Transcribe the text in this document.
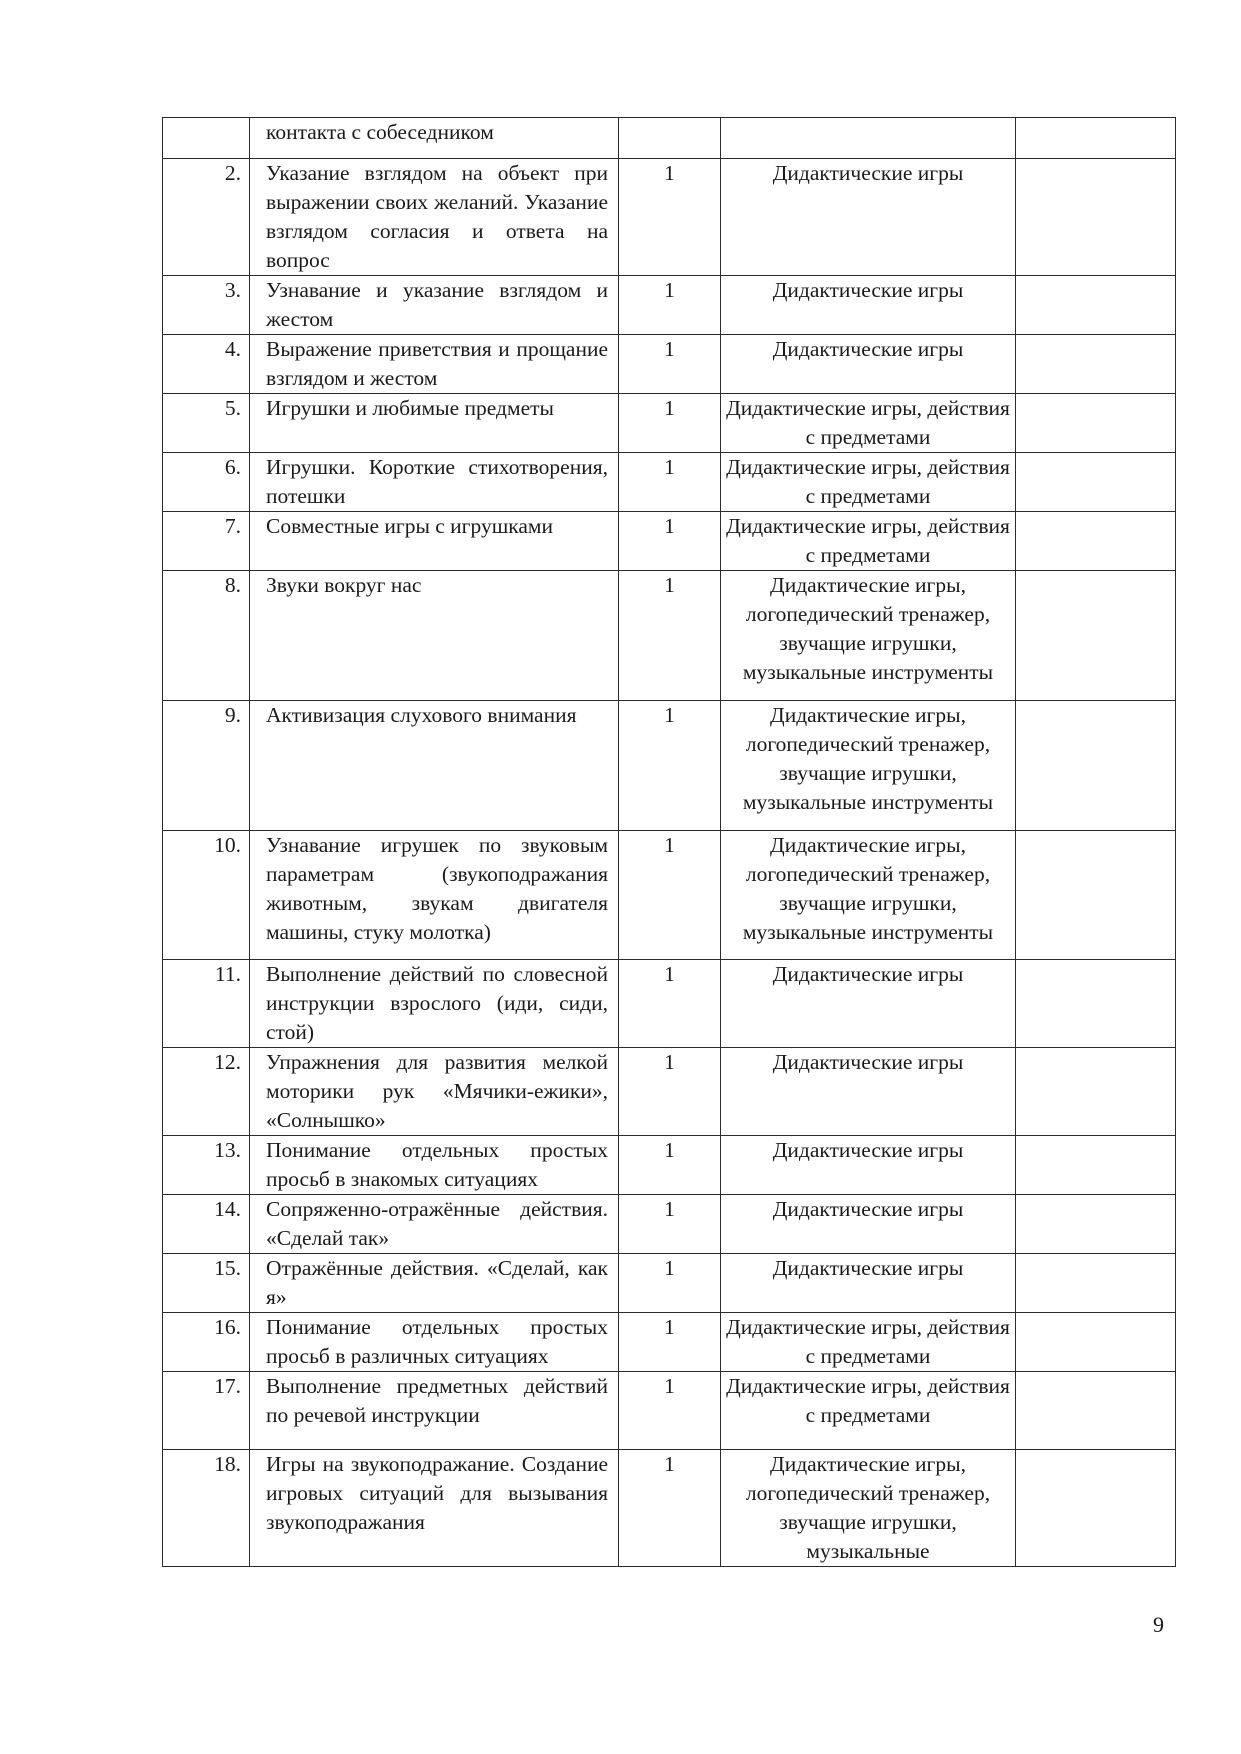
	контакта с собеседником			
2.	Указание взглядом на объект при выражении своих желаний. Указание взглядом согласия и ответа на вопрос	1	Дидактические игры	
3.	Узнавание и указание взглядом и жестом	1	Дидактические игры	
4.	Выражение приветствия и прощание взглядом и жестом	1	Дидактические игры	
5.	Игрушки и любимые предметы	1	Дидактические игры, действия с предметами	
6.	Игрушки. Короткие стихотворения, потешки	1	Дидактические игры, действия с предметами	
7.	Совместные игры с игрушками	1	Дидактические игры, действия с предметами	
8.	Звуки вокруг нас	1	Дидактические игры, логопедический тренажер, звучащие игрушки, музыкальные инструменты	
9.	Активизация слухового внимания	1	Дидактические игры, логопедический тренажер, звучащие игрушки, музыкальные инструменты	
10.	Узнавание игрушек по звуковым параметрам (звукоподражания животным, звукам двигателя машины, стуку молотка)	1	Дидактические игры, логопедический тренажер, звучащие игрушки, музыкальные инструменты	
11.	Выполнение действий по словесной инструкции взрослого (иди, сиди, стой)	1	Дидактические игры	
12.	Упражнения для развития мелкой моторики рук «Мячики-ежики», «Солнышко»	1	Дидактические игры	
13.	Понимание отдельных простых просьб в знакомых ситуациях	1	Дидактические игры	
14.	Сопряженно-отражённые действия. «Сделай так»	1	Дидактические игры	
15.	Отражённые действия. «Сделай, как я»	1	Дидактические игры	
16.	Понимание отдельных простых просьб в различных ситуациях	1	Дидактические игры, действия с предметами	
17.	Выполнение предметных действий по речевой инструкции	1	Дидактические игры, действия с предметами	
18.	Игры на звукоподражание. Создание игровых ситуаций для вызывания звукоподражания	1	Дидактические игры, логопедический тренажер, звучащие игрушки, музыкальные	
9
